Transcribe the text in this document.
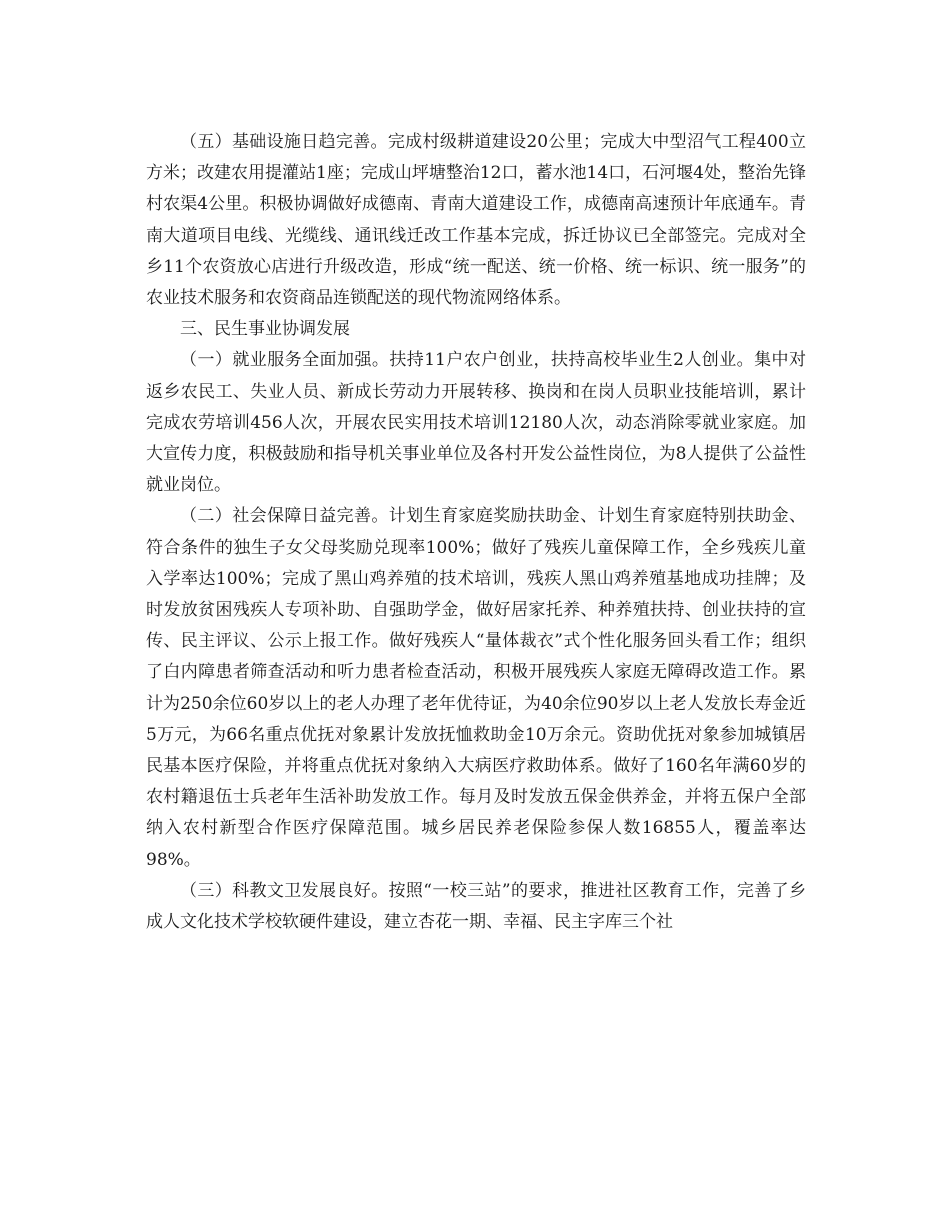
（五）基础设施日趋完善。完成村级耕道建设20公里；完成大中型沼气工程400立方米；改建农用提灌站1座；完成山坪塘整治12口，蓄水池14口，石河堰4处，整治先锋村农渠4公里。积极协调做好成德南、青南大道建设工作，成德南高速预计年底通车。青南大道项目电线、光缆线、通讯线迁改工作基本完成，拆迁协议已全部签完。完成对全乡11个农资放心店进行升级改造，形成“统一配送、统一价格、统一标识、统一服务”的农业技术服务和农资商品连锁配送的现代物流网络体系。

三、民生事业协调发展

（一）就业服务全面加强。扶持11户农户创业，扶持高校毕业生2人创业。集中对返乡农民工、失业人员、新成长劳动力开展转移、换岗和在岗人员职业技能培训，累计完成农劳培训456人次，开展农民实用技术培训12180人次，动态消除零就业家庭。加大宣传力度，积极鼓励和指导机关事业单位及各村开发公益性岗位，为8人提供了公益性就业岗位。

（二）社会保障日益完善。计划生育家庭奖励扶助金、计划生育家庭特别扶助金、符合条件的独生子女父母奖励兑现率100%；做好了残疾儿童保障工作，全乡残疾儿童入学率达100%；完成了黑山鸡养殖的技术培训，残疾人黑山鸡养殖基地成功挂牌；及时发放贫困残疾人专项补助、自强助学金，做好居家托养、种养殖扶持、创业扶持的宣传、民主评议、公示上报工作。做好残疾人“量体裁衣”式个性化服务回头看工作；组织了白内障患者筛查活动和听力患者检查活动，积极开展残疾人家庭无障碍改造工作。累计为250余位60岁以上的老人办理了老年优待证，为40余位90岁以上老人发放长寿金近5万元，为66名重点优抚对象累计发放抚恤救助金10万余元。资助优抚对象参加城镇居民基本医疗保险，并将重点优抚对象纳入大病医疗救助体系。做好了160名年满60岁的农村籍退伍士兵老年生活补助发放工作。每月及时发放五保金供养金，并将五保户全部纳入农村新型合作医疗保障范围。城乡居民养老保险参保人数16855人，覆盖率达98%。

（三）科教文卫发展良好。按照“一校三站”的要求，推进社区教育工作，完善了乡成人文化技术学校软硬件建设，建立杏花一期、幸福、民主字库三个社
